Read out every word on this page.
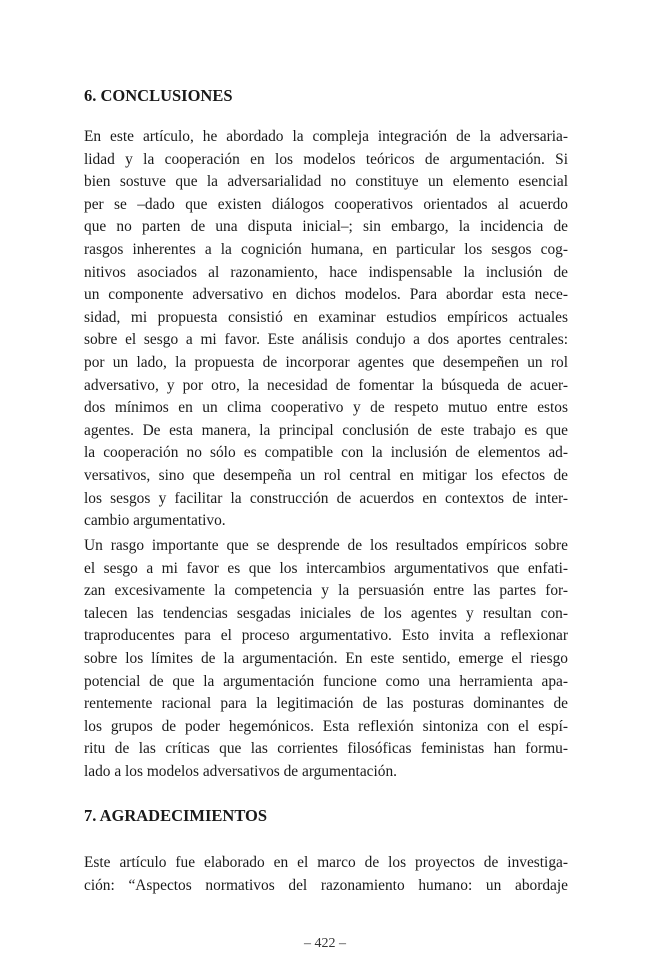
6. CONCLUSIONES
En este artículo, he abordado la compleja integración de la adversaria-
lidad y la cooperación en los modelos teóricos de argumentación. Si
bien sostuve que la adversarialidad no constituye un elemento esencial
per se –dado que existen diálogos cooperativos orientados al acuerdo
que no parten de una disputa inicial–; sin embargo, la incidencia de
rasgos inherentes a la cognición humana, en particular los sesgos cog-
nitivos asociados al razonamiento, hace indispensable la inclusión de
un componente adversativo en dichos modelos. Para abordar esta nece-
sidad, mi propuesta consistió en examinar estudios empíricos actuales
sobre el sesgo a mi favor. Este análisis condujo a dos aportes centrales:
por un lado, la propuesta de incorporar agentes que desempeñen un rol
adversativo, y por otro, la necesidad de fomentar la búsqueda de acuer-
dos mínimos en un clima cooperativo y de respeto mutuo entre estos
agentes. De esta manera, la principal conclusión de este trabajo es que
la cooperación no sólo es compatible con la inclusión de elementos ad-
versativos, sino que desempeña un rol central en mitigar los efectos de
los sesgos y facilitar la construcción de acuerdos en contextos de inter-
cambio argumentativo.
Un rasgo importante que se desprende de los resultados empíricos sobre
el sesgo a mi favor es que los intercambios argumentativos que enfati-
zan excesivamente la competencia y la persuasión entre las partes for-
talecen las tendencias sesgadas iniciales de los agentes y resultan con-
traproducentes para el proceso argumentativo. Esto invita a reflexionar
sobre los límites de la argumentación. En este sentido, emerge el riesgo
potencial de que la argumentación funcione como una herramienta apa-
rentemente racional para la legitimación de las posturas dominantes de
los grupos de poder hegemónicos. Esta reflexión sintoniza con el espí-
ritu de las críticas que las corrientes filosóficas feministas han formu-
lado a los modelos adversativos de argumentación.
7. AGRADECIMIENTOS
Este artículo fue elaborado en el marco de los proyectos de investiga-
ción: “Aspectos normativos del razonamiento humano: un abordaje
– 422 –
